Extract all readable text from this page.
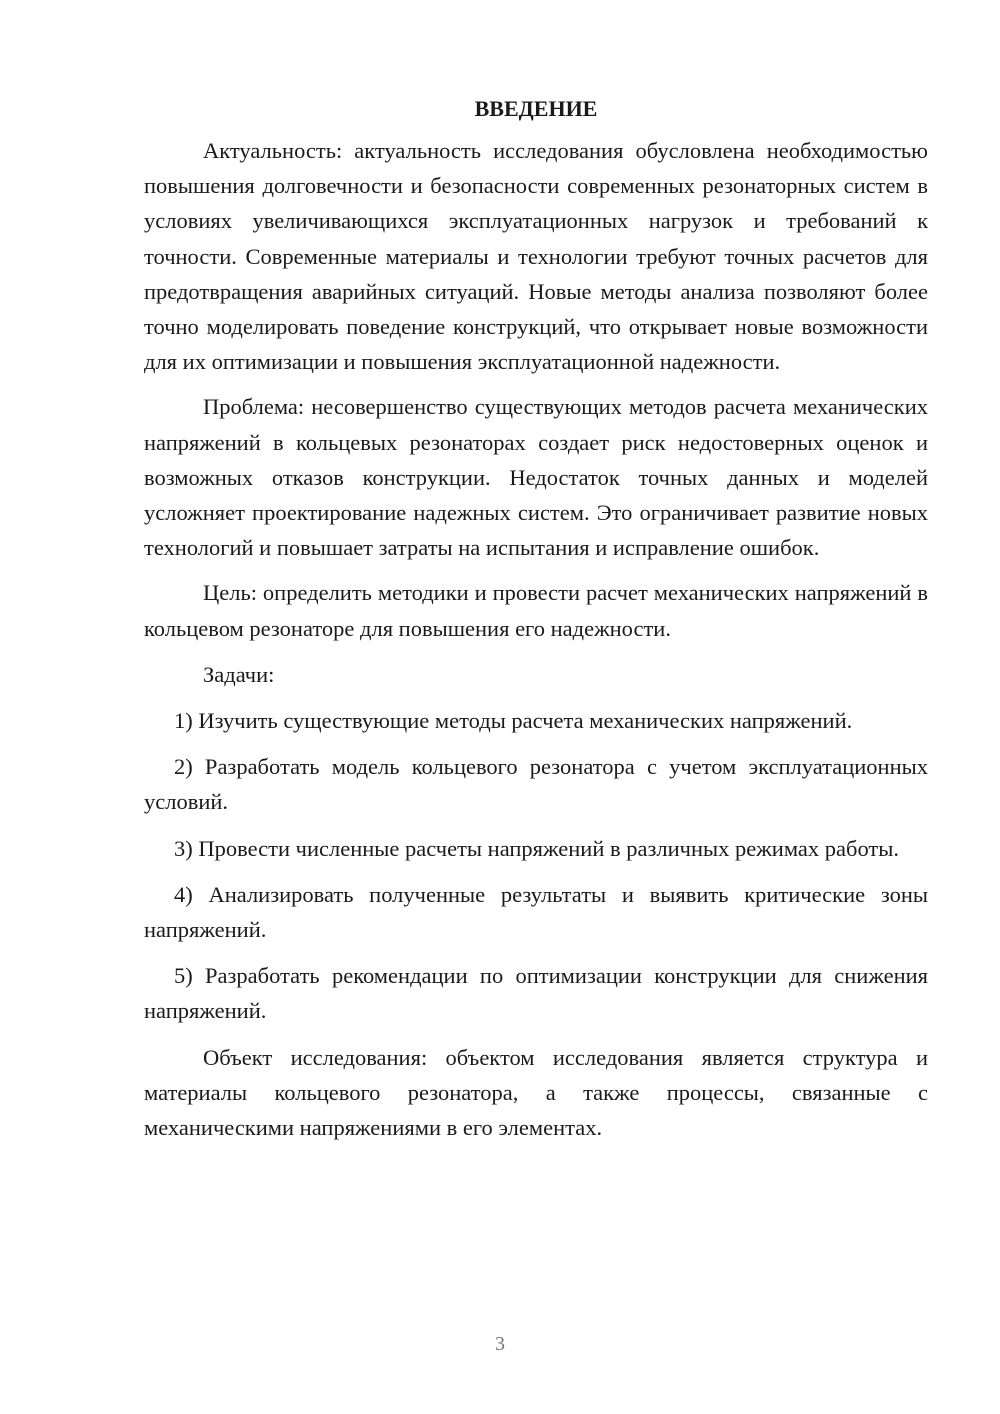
ВВЕДЕНИЕ

Актуальность: актуальность исследования обусловлена необходимостью повышения долговечности и безопасности современных резонаторных систем в условиях увеличивающихся эксплуатационных нагрузок и требований к точности. Современные материалы и технологии требуют точных расчетов для предотвращения аварийных ситуаций. Новые методы анализа позволяют более точно моделировать поведение конструкций, что открывает новые возможности для их оптимизации и повышения эксплуатационной надежности.

Проблема: несовершенство существующих методов расчета механических напряжений в кольцевых резонаторах создает риск недостоверных оценок и возможных отказов конструкции. Недостаток точных данных и моделей усложняет проектирование надежных систем. Это ограничивает развитие новых технологий и повышает затраты на испытания и исправление ошибок.

Цель: определить методики и провести расчет механических напряжений в кольцевом резонаторе для повышения его надежности.

Задачи:

1) Изучить существующие методы расчета механических напряжений.

2) Разработать модель кольцевого резонатора с учетом эксплуатационных условий.

3) Провести численные расчеты напряжений в различных режимах работы.

4) Анализировать полученные результаты и выявить критические зоны напряжений.

5) Разработать рекомендации по оптимизации конструкции для снижения напряжений.

Объект исследования: объектом исследования является структура и материалы кольцевого резонатора, а также процессы, связанные с механическими напряжениями в его элементах.

3
